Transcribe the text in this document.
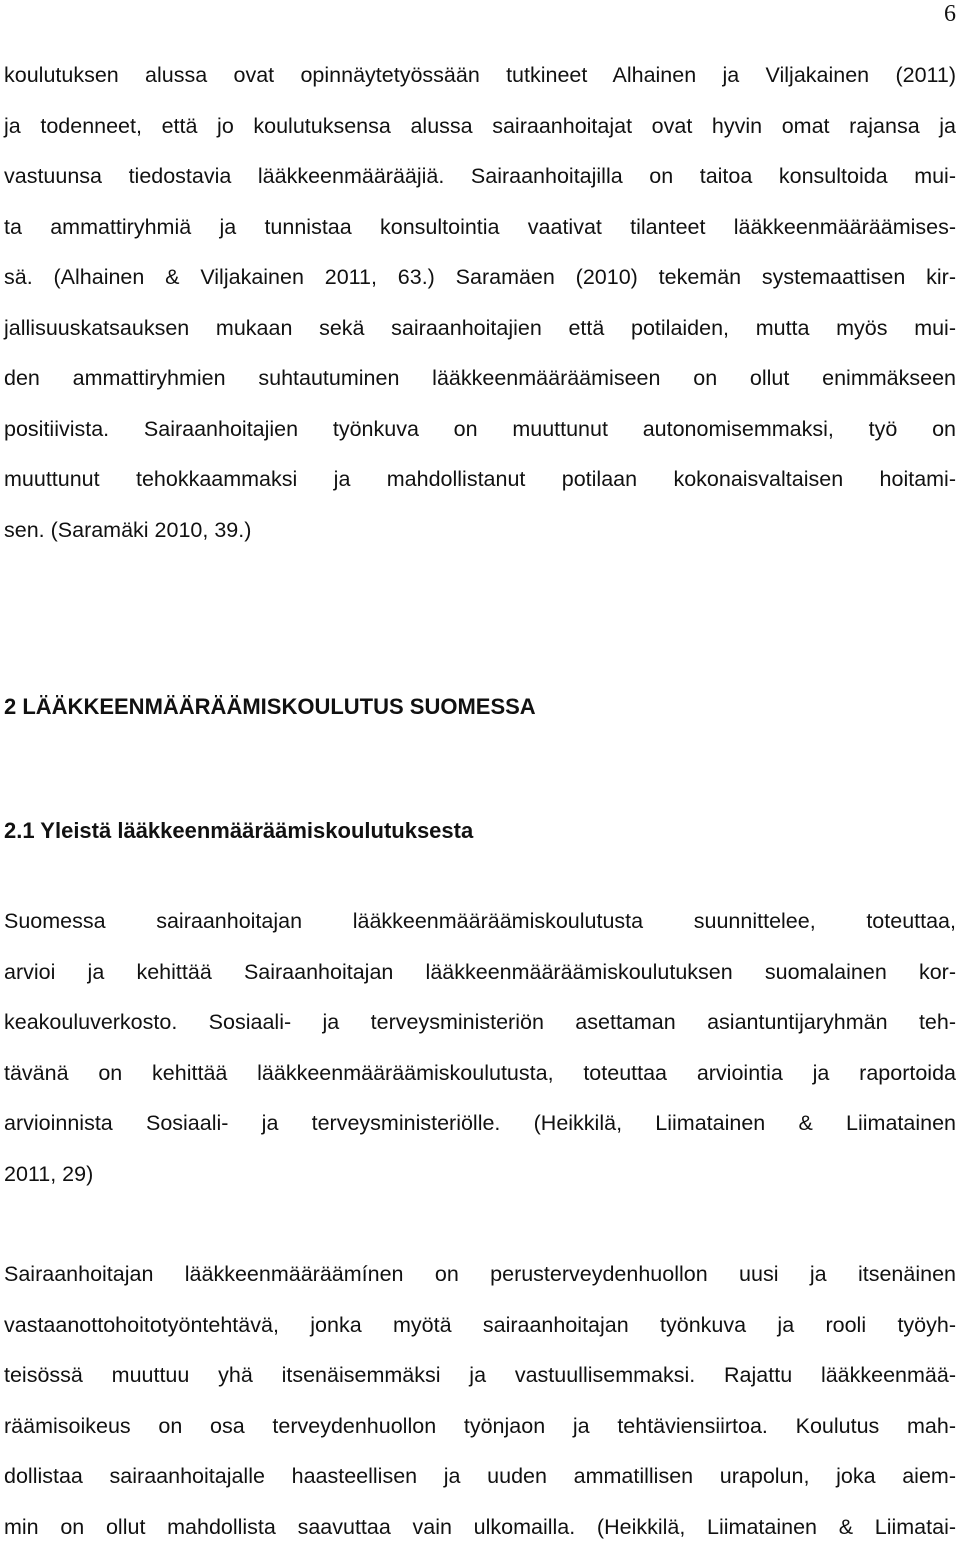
6
koulutuksen alussa ovat opinnäytetyössään tutkineet Alhainen ja Viljakainen (2011)
ja todenneet, että jo koulutuksensa alussa sairaanhoitajat ovat hyvin omat rajansa ja
vastuunsa tiedostavia lääkkeenmäärääjiä. Sairaanhoitajilla on taitoa konsultoida mui-
ta ammattiryhmiä ja tunnistaa konsultointia vaativat tilanteet lääkkeenmääräämises-
sä. (Alhainen & Viljakainen 2011, 63.) Saramäen (2010) tekemän systemaattisen kir-
jallisuuskatsauksen mukaan sekä sairaanhoitajien että potilaiden, mutta myös mui-
den ammattiryhmien suhtautuminen lääkkeenmääräämiseen on ollut enimmäkseen
positiivista. Sairaanhoitajien työnkuva on muuttunut autonomisemmaksi, työ on
muuttunut tehokkaammaksi ja mahdollistanut potilaan kokonaisvaltaisen hoitami-
sen. (Saramäki 2010, 39.)
2 LÄÄKKEENMÄÄRÄÄMISKOULUTUS SUOMESSA
2.1 Yleistä lääkkeenmääräämiskoulutuksesta
Suomessa sairaanhoitajan lääkkeenmääräämiskoulutusta suunnittelee, toteuttaa,
arvioi ja kehittää Sairaanhoitajan lääkkeenmääräämiskoulutuksen suomalainen kor-
keakouluverkosto. Sosiaali- ja terveysministeriön asettaman asiantuntijaryhmän teh-
tävänä on kehittää lääkkeenmääräämiskoulutusta, toteuttaa arviointia ja raportoida
arvioinnista Sosiaali- ja terveysministeriölle. (Heikkilä, Liimatainen & Liimatainen
2011, 29)
Sairaanhoitajan lääkkeenmääräämínen on perusterveydenhuollon uusi ja itsenäinen
vastaanottohoitotyöntehtävä, jonka myötä sairaanhoitajan työnkuva ja rooli työyh-
teisössä muuttuu yhä itsenäisemmäksi ja vastuullisemmaksi. Rajattu lääkkeenmää-
räämisoikeus on osa terveydenhuollon työnjaon ja tehtäviensiirtoa. Koulutus mah-
dollistaa sairaanhoitajalle haasteellisen ja uuden ammatillisen urapolun, joka aiem-
min on ollut mahdollista saavuttaa vain ulkomailla. (Heikkilä, Liimatainen & Liimatai-
